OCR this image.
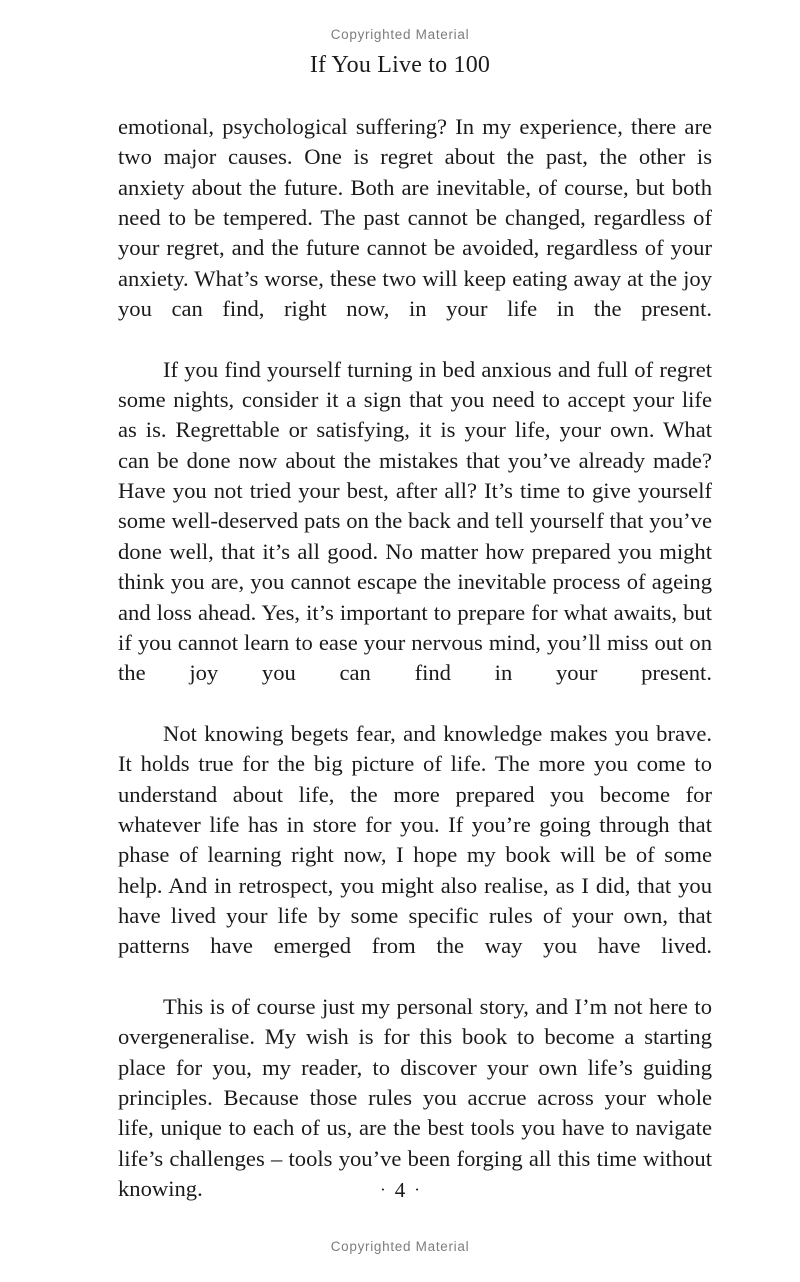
Copyrighted Material
If You Live to 100

emotional, psychological suffering? In my experience, there are two major causes. One is regret about the past, the other is anxiety about the future. Both are inevitable, of course, but both need to be tempered. The past cannot be changed, regardless of your regret, and the future cannot be avoided, regardless of your anxiety. What’s worse, these two will keep eating away at the joy you can find, right now, in your life in the present.

If you find yourself turning in bed anxious and full of regret some nights, consider it a sign that you need to accept your life as is. Regrettable or satisfying, it is your life, your own. What can be done now about the mistakes that you’ve already made? Have you not tried your best, after all? It’s time to give yourself some well-deserved pats on the back and tell yourself that you’ve done well, that it’s all good. No matter how prepared you might think you are, you cannot escape the inevitable process of ageing and loss ahead. Yes, it’s important to prepare for what awaits, but if you cannot learn to ease your nervous mind, you’ll miss out on the joy you can find in your present.

Not knowing begets fear, and knowledge makes you brave. It holds true for the big picture of life. The more you come to understand about life, the more prepared you become for whatever life has in store for you. If you’re going through that phase of learning right now, I hope my book will be of some help. And in retrospect, you might also realise, as I did, that you have lived your life by some specific rules of your own, that patterns have emerged from the way you have lived.

This is of course just my personal story, and I’m not here to overgeneralise. My wish is for this book to become a starting place for you, my reader, to discover your own life’s guiding principles. Because those rules you accrue across your whole life, unique to each of us, are the best tools you have to navigate life’s challenges – tools you’ve been forging all this time without knowing.	· 4 ·
Copyrighted Material
